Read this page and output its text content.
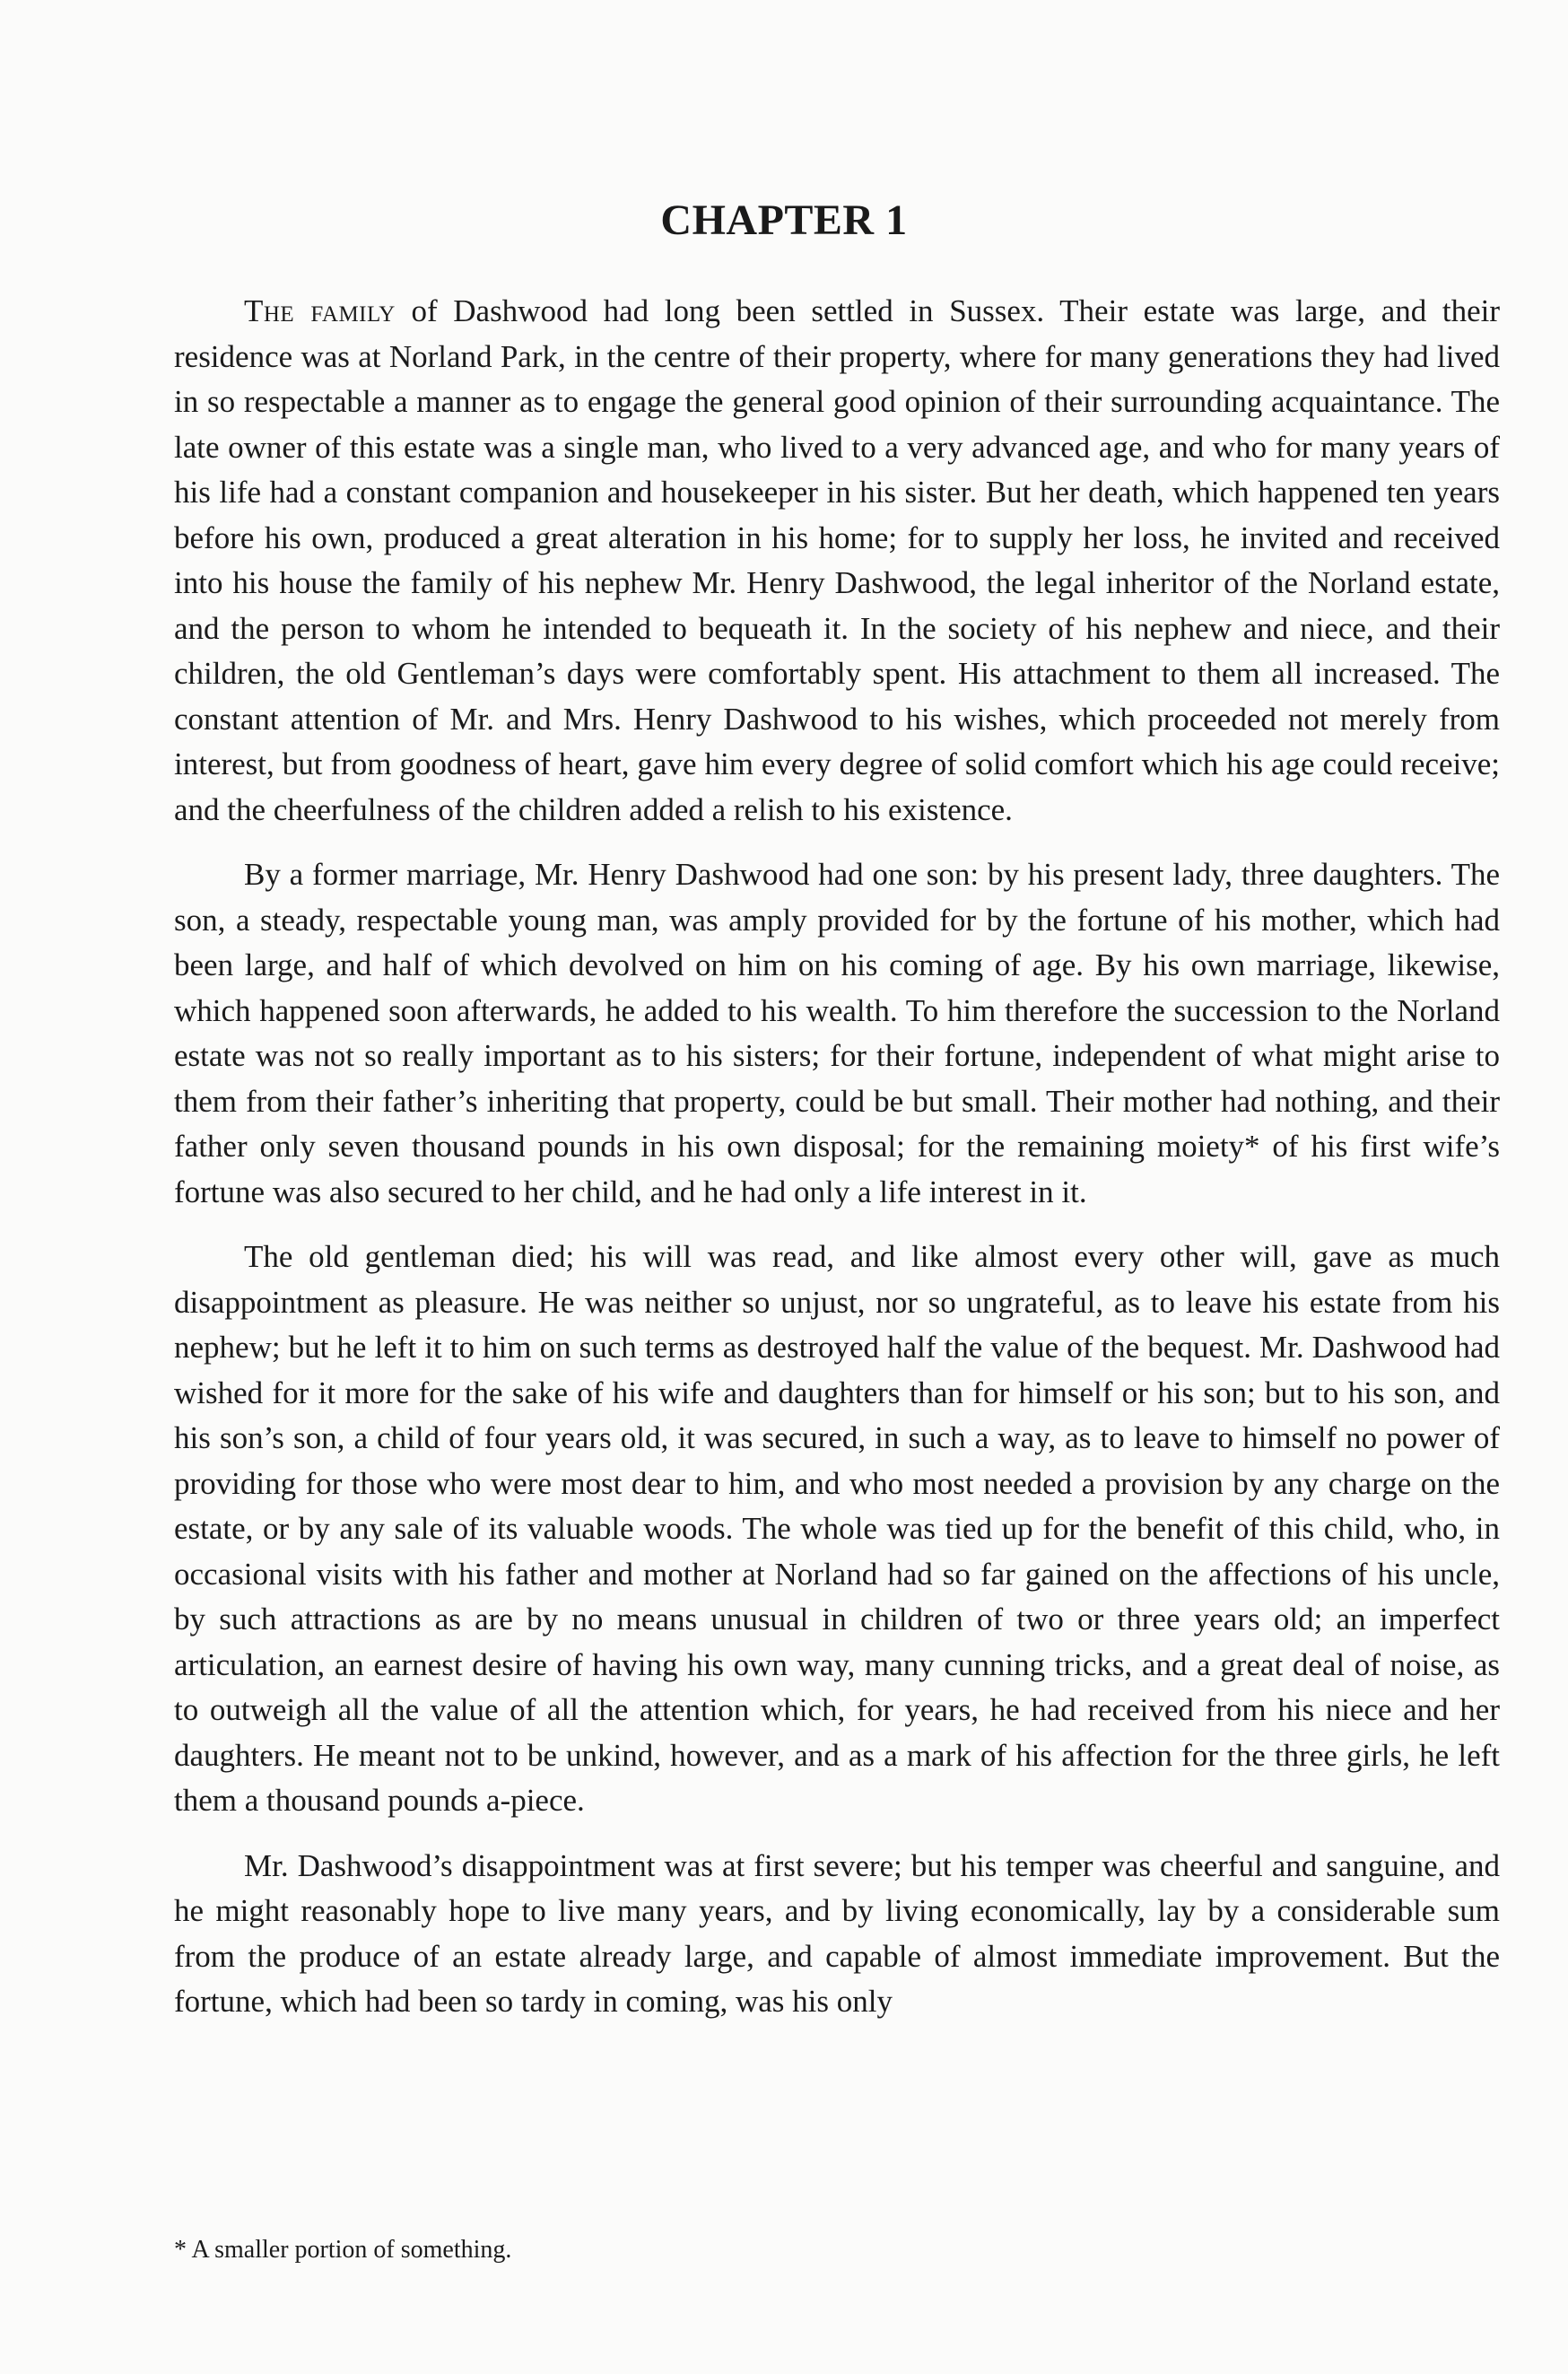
CHAPTER 1

The family of Dashwood had long been settled in Sussex. Their estate was large, and their residence was at Norland Park, in the centre of their property, where for many generations they had lived in so respectable a manner as to engage the general good opinion of their surrounding acquaintance. The late owner of this estate was a single man, who lived to a very advanced age, and who for many years of his life had a constant companion and housekeeper in his sister. But her death, which happened ten years before his own, produced a great alteration in his home; for to supply her loss, he invited and received into his house the family of his nephew Mr. Henry Dashwood, the legal inheritor of the Norland estate, and the person to whom he intended to bequeath it. In the society of his nephew and niece, and their children, the old Gentleman’s days were comfortably spent. His attachment to them all increased. The constant attention of Mr. and Mrs. Henry Dashwood to his wishes, which proceeded not merely from interest, but from goodness of heart, gave him every degree of solid comfort which his age could receive; and the cheerfulness of the children added a relish to his existence.

By a former marriage, Mr. Henry Dashwood had one son: by his present lady, three daughters. The son, a steady, respectable young man, was amply provided for by the fortune of his mother, which had been large, and half of which devolved on him on his coming of age. By his own marriage, likewise, which happened soon afterwards, he added to his wealth. To him therefore the succession to the Norland estate was not so really important as to his sisters; for their fortune, independent of what might arise to them from their father’s inheriting that property, could be but small. Their mother had nothing, and their father only seven thousand pounds in his own disposal; for the remaining moiety* of his first wife’s fortune was also secured to her child, and he had only a life interest in it.

The old gentleman died; his will was read, and like almost every other will, gave as much disappointment as pleasure. He was neither so unjust, nor so ungrateful, as to leave his estate from his nephew; but he left it to him on such terms as destroyed half the value of the bequest. Mr. Dashwood had wished for it more for the sake of his wife and daughters than for himself or his son; but to his son, and his son’s son, a child of four years old, it was secured, in such a way, as to leave to himself no power of providing for those who were most dear to him, and who most needed a provision by any charge on the estate, or by any sale of its valuable woods. The whole was tied up for the benefit of this child, who, in occasional visits with his father and mother at Norland had so far gained on the affections of his uncle, by such attractions as are by no means unusual in children of two or three years old; an imperfect articulation, an earnest desire of having his own way, many cunning tricks, and a great deal of noise, as to outweigh all the value of all the attention which, for years, he had received from his niece and her daughters. He meant not to be unkind, however, and as a mark of his affection for the three girls, he left them a thousand pounds a-piece.

Mr. Dashwood’s disappointment was at first severe; but his temper was cheerful and sanguine, and he might reasonably hope to live many years, and by living economically, lay by a considerable sum from the produce of an estate already large, and capable of almost immediate improvement. But the fortune, which had been so tardy in coming, was his only

* A smaller portion of something.
